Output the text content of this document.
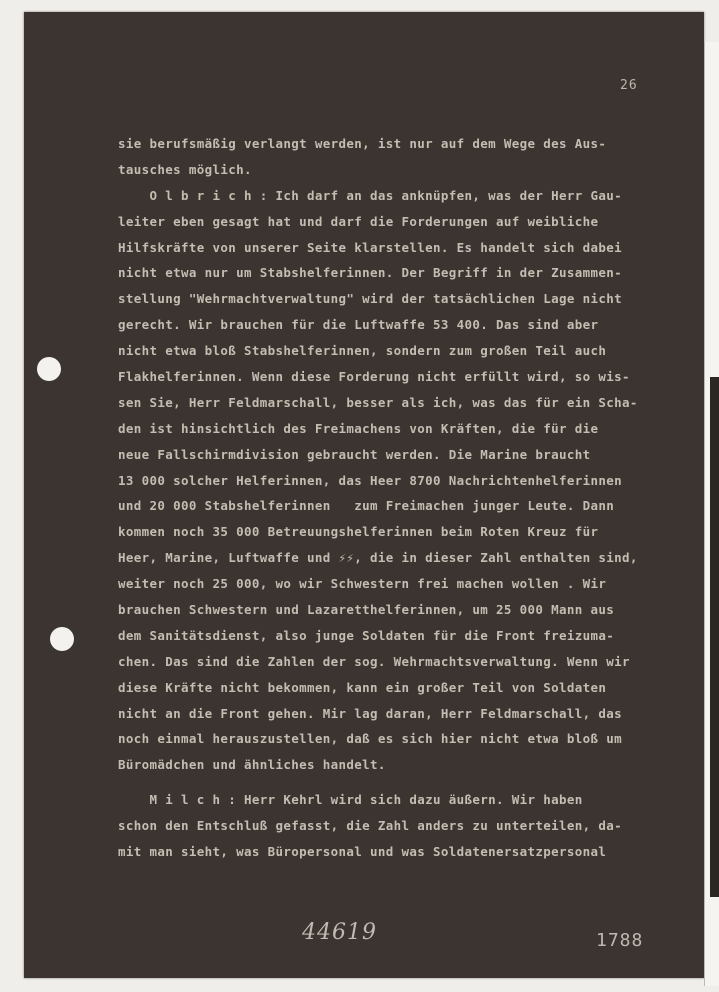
26
sie berufsmäßig verlangt werden, ist nur auf dem Wege des Aus-
tausches möglich.
O l b r i c h : Ich darf an das anknüpfen, was der Herr Gau-
leiter eben gesagt hat und darf die Forderungen auf weibliche
Hilfskräfte von unserer Seite klarstellen. Es handelt sich dabei
nicht etwa nur um Stabshelferinnen. Der Begriff in der Zusammen-
stellung "Wehrmachtverwaltung" wird der tatsächlichen Lage nicht
gerecht. Wir brauchen für die Luftwaffe 53 400. Das sind aber
nicht etwa bloß Stabshelferinnen, sondern zum großen Teil auch
Flakhelferinnen. Wenn diese Forderung nicht erfüllt wird, so wis-
sen Sie, Herr Feldmarschall, besser als ich, was das für ein Scha-
den ist hinsichtlich des Freimachens von Kräften, die für die
neue Fallschirmdivision gebraucht werden. Die Marine braucht
13 000 solcher Helferinnen, das Heer 8700 Nachrichtenhelferinnen
und 20 000 Stabshelferinnen   zum Freimachen junger Leute. Dann
kommen noch 35 000 Betreuungshelferinnen beim Roten Kreuz für
Heer, Marine, Luftwaffe und ⚡⚡, die in dieser Zahl enthalten sind,
weiter noch 25 000, wo wir Schwestern frei machen wollen . Wir
brauchen Schwestern und Lazaretthelferinnen, um 25 000 Mann aus
dem Sanitätsdienst, also junge Soldaten für die Front freizuma-
chen. Das sind die Zahlen der sog. Wehrmachtsverwaltung. Wenn wir
diese Kräfte nicht bekommen, kann ein großer Teil von Soldaten
nicht an die Front gehen. Mir lag daran, Herr Feldmarschall, das
noch einmal herauszustellen, daß es sich hier nicht etwa bloß um
Büromädchen und ähnliches handelt.
M i l c h : Herr Kehrl wird sich dazu äußern. Wir haben
schon den Entschluß gefasst, die Zahl anders zu unterteilen, da-
mit man sieht, was Büropersonal und was Soldatenersatzpersonal
44619	1788
